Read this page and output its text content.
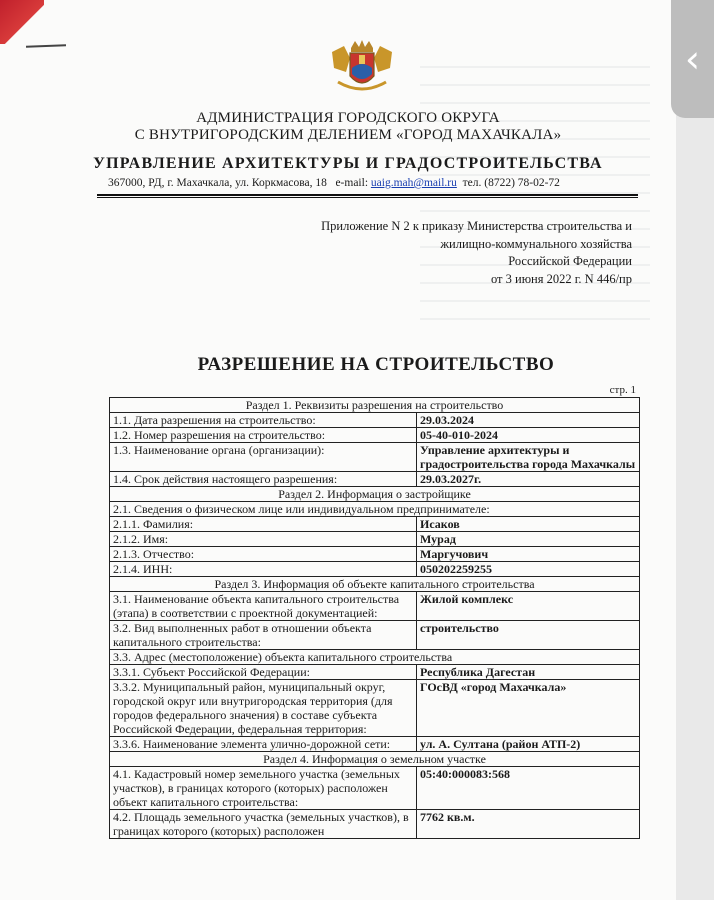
АДМИНИСТРАЦИЯ ГОРОДСКОГО ОКРУГА
С ВНУТРИГОРОДСКИМ ДЕЛЕНИЕМ «ГОРОД МАХАЧКАЛА»
УПРАВЛЕНИЕ АРХИТЕКТУРЫ И ГРАДОСТРОИТЕЛЬСТВА
367000, РД, г. Махачкала, ул. Коркмасова, 18 e-mail: uaig.mah@mail.ru тел. (8722) 78-02-72
Приложение N 2 к приказу Министерства строительства и
жилищно-коммунального хозяйства
Российской Федерации
от 3 июня 2022 г. N 446/пр
РАЗРЕШЕНИЕ НА СТРОИТЕЛЬСТВО
стр. 1
Раздел 1. Реквизиты разрешения на строительство	
1.1. Дата разрешения на строительство:	29.03.2024
1.2. Номер разрешения на строительство:	05-40-010-2024
1.3. Наименование органа (организации):	Управление архитектуры и градостроительства города Махачкалы
1.4. Срок действия настоящего разрешения:	29.03.2027г.
Раздел 2. Информация о застройщике	
2.1. Сведения о физическом лице или индивидуальном предпринимателе:	
2.1.1. Фамилия:	Исаков
2.1.2. Имя:	Мурад
2.1.3. Отчество:	Маргучович
2.1.4. ИНН:	050202259255
Раздел 3. Информация об объекте капитального строительства	
3.1. Наименование объекта капитального строительства (этапа) в соответствии с проектной документацией:	Жилой комплекс
3.2. Вид выполненных работ в отношении объекта капитального строительства:	строительство
3.3. Адрес (местоположение) объекта капитального строительства	
3.3.1. Субъект Российской Федерации:	Республика Дагестан
3.3.2. Муниципальный район, муниципальный округ, городской округ или внутригородская территория (для городов федерального значения) в составе субъекта Российской Федерации, федеральная территория:	ГОсВД «город Махачкала»
3.3.6. Наименование элемента улично-дорожной сети:	ул. А. Султана (район АТП-2)
Раздел 4. Информация о земельном участке	
4.1. Кадастровый номер земельного участка (земельных участков), в границах которого (которых) расположен объект капитального строительства:	05:40:000083:568
4.2. Площадь земельного участка (земельных участков), в границах которого (которых) расположен	7762 кв.м.
‹
